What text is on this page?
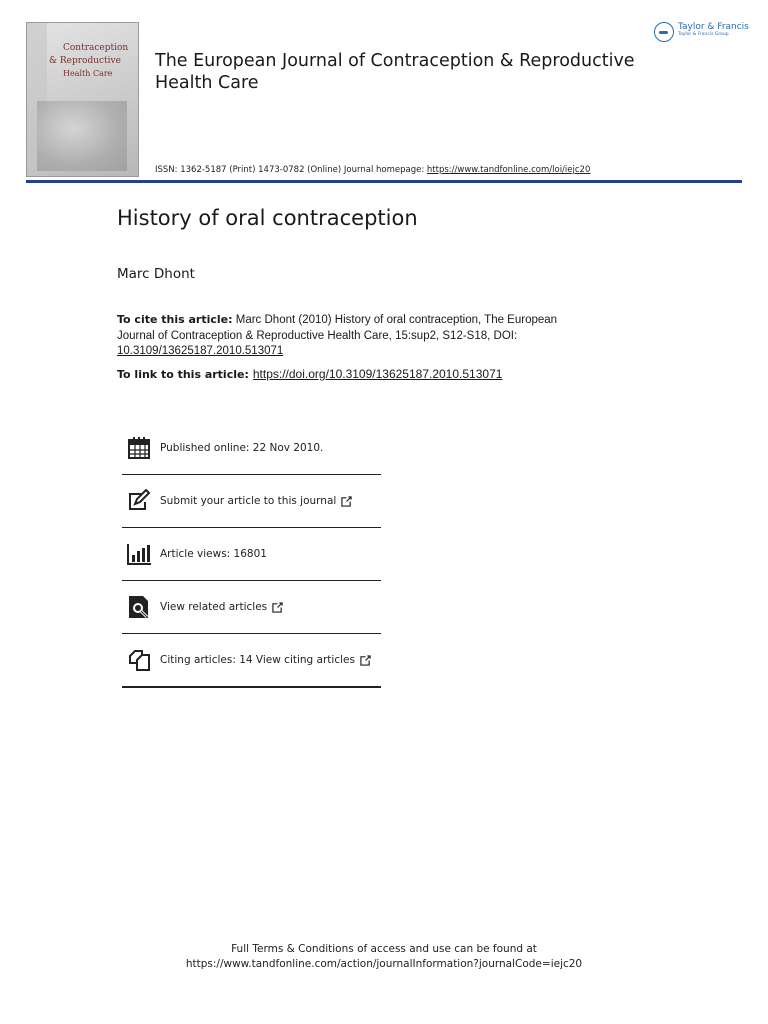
Contraception
& Reproductive
Health Care
The European Journal of Contraception & Reproductive Health Care
ISSN: 1362-5187 (Print) 1473-0782 (Online) Journal homepage: https://www.tandfonline.com/loi/iejc20
Taylor & Francis
Taylor & Francis Group
History of oral contraception
Marc Dhont
To cite this article: Marc Dhont (2010) History of oral contraception, The European Journal of Contraception & Reproductive Health Care, 15:sup2, S12-S18, DOI: 10.3109/13625187.2010.513071
To link to this article: https://doi.org/10.3109/13625187.2010.513071
Published online: 22 Nov 2010.
Submit your article to this journal
Article views: 16801
View related articles
Citing articles: 14 View citing articles
Full Terms & Conditions of access and use can be found at
https://www.tandfonline.com/action/journalInformation?journalCode=iejc20
